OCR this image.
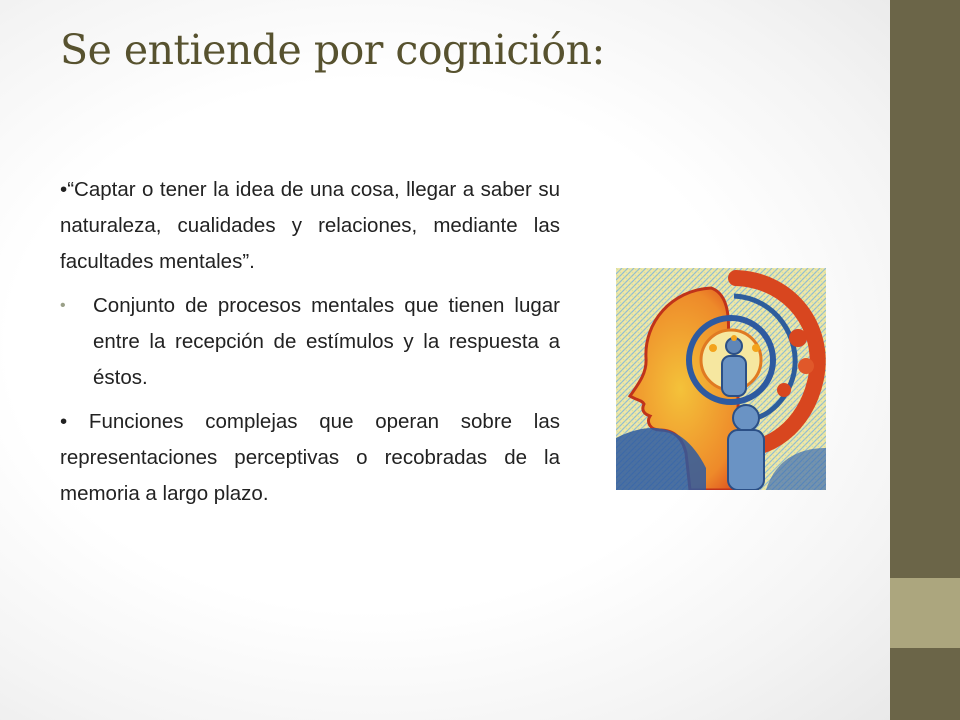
Se entiende por cognición:

•“Captar o tener la idea de una cosa, llegar a saber su naturaleza, cualidades y relaciones, mediante las facultades mentales”.

• Conjunto de procesos mentales que tienen lugar entre la recepción de estímulos y la respuesta a éstos.

• Funciones complejas que operan sobre las representaciones perceptivas o recobradas de la memoria a largo plazo.
